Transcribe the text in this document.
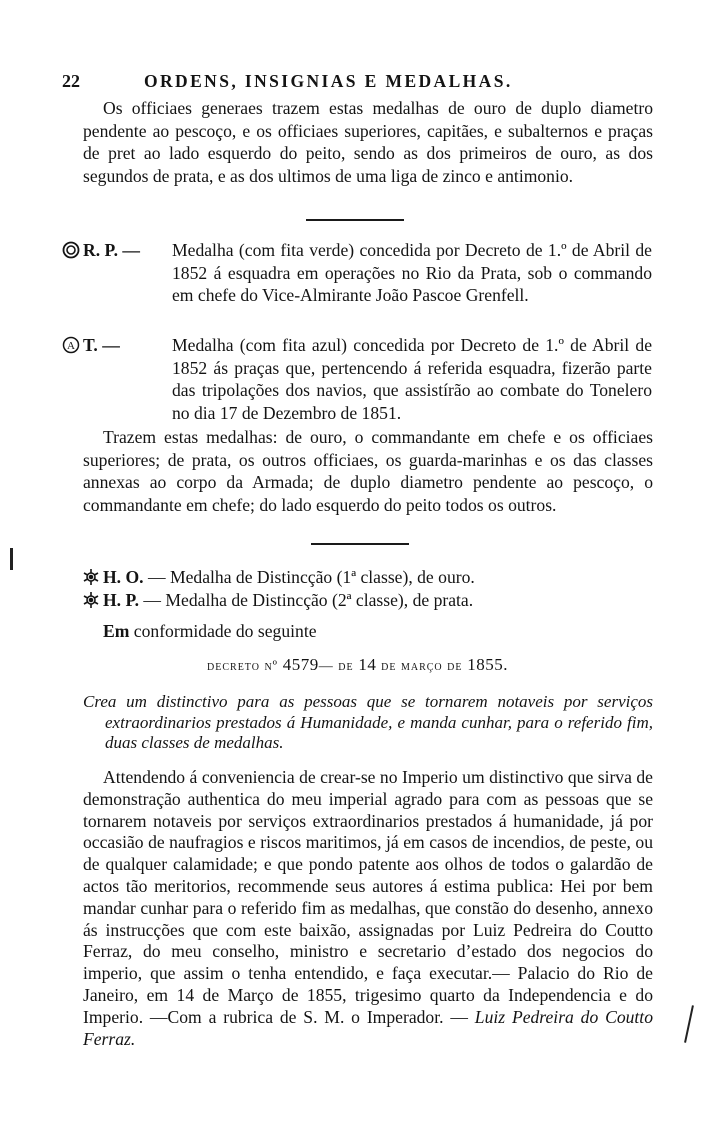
22	ORDENS, INSIGNIAS E MEDALHAS.
Os officiaes generaes trazem estas medalhas de ouro de duplo diametro pendente ao pescoço, e os officiaes superiores, capitães, e subalternos e praças de pret ao lado esquerdo do peito, sendo as dos primeiros de ouro, as dos segundos de prata, e as dos ultimos de uma liga de zinco e antimonio.
R. P. — Medalha (com fita verde) concedida por Decreto de 1.º de Abril de 1852 á esquadra em operações no Rio da Prata, sob o commando em chefe do Vice-Almirante João Pascoe Grenfell.
A T. —	Medalha (com fita azul) concedida por Decreto de 1.º de Abril de 1852 ás praças que, pertencendo á referida esquadra, fizerão parte das tripolações dos navios, que assistírão ao combate do Tonelero no dia 17 de Dezembro de 1851.
Trazem estas medalhas: de ouro, o commandante em chefe e os officiaes superiores; de prata, os outros officiaes, os guarda-marinhas e os das classes annexas ao corpo da Armada; de duplo diametro pendente ao pescoço, o commandante em chefe; do lado esquerdo do peito todos os outros.
H. O. — Medalha de Distincção (1ª classe), de ouro.
H. P. — Medalha de Distincção (2ª classe), de prata.
Em conformidade do seguinte
decreto nº 4579— de 14 de março de 1855.
Crea um distinctivo para as pessoas que se tornarem notaveis por serviços extraordinarios prestados á Humanidade, e manda cunhar, para o referido fim, duas classes de medalhas.
Attendendo á conveniencia de crear-se no Imperio um distinctivo que sirva de demonstração authentica do meu imperial agrado para com as pessoas que se tornarem notaveis por serviços extraordinarios prestados á humanidade, já por occasião de naufragios e riscos maritimos, já em casos de incendios, de peste, ou de qualquer calamidade; e que pondo patente aos olhos de todos o galardão de actos tão meritorios, recommende seus autores á estima publica: Hei por bem mandar cunhar para o referido fim as medalhas, que constão do desenho, annexo ás instrucções que com este baixão, assignadas por Luiz Pedreira do Coutto Ferraz, do meu conselho, ministro e secretario d’estado dos negocios do imperio, que assim o tenha entendido, e faça executar.— Palacio do Rio de Janeiro, em 14 de Março de 1855, trigesimo quarto da Independencia e do Imperio. —Com a rubrica de S. M. o Imperador. — Luiz Pedreira do Coutto Ferraz.
